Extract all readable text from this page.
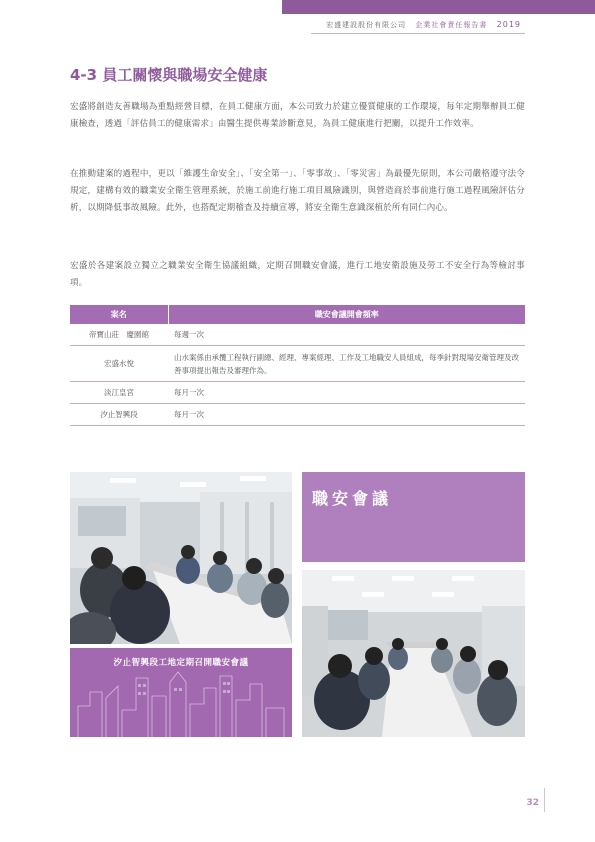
宏盛建設股份有限公司 企業社會責任報告書 2019
4-3 員工關懷與職場安全健康
宏盛將創造友善職場為重點經營目標，在員工健康方面，本公司致力於建立優質健康的工作環境，每年定期舉辦員工健康檢查，透過「評估員工的健康需求」由醫生提供專業診斷意見，為員工健康進行把關，以提升工作效率。
在推動建案的過程中，更以「維護生命安全」、「安全第一」、「零事故」、「零災害」為最優先原則，本公司嚴格遵守法令規定，建構有效的職業安全衛生管理系統，於施工前進行施工項目風險識別，與營造商於事前進行施工過程風險評估分析，以期降低事故風險。此外，也搭配定期稽查及持續宣導，將安全衛生意識深植於所有同仁內心。
宏盛於各建案設立獨立之職業安全衛生協議組織，定期召開職安會議，進行工地安衛設施及勞工不安全行為等檢討事項。
案名	職安會議開會頻率
帝寶山莊　慶園館	每週一次
宏盛水悅	山水案係由承攬工程執行副總、經理、專案經理、工作及工地職安人員組成，每季針對現場安衛管理及改善事項提出報告及審理作為。
淡江皇宮	每月一次
汐止智興段	每月一次
職安會議
汐止智興段工地定期召開職安會議
32
